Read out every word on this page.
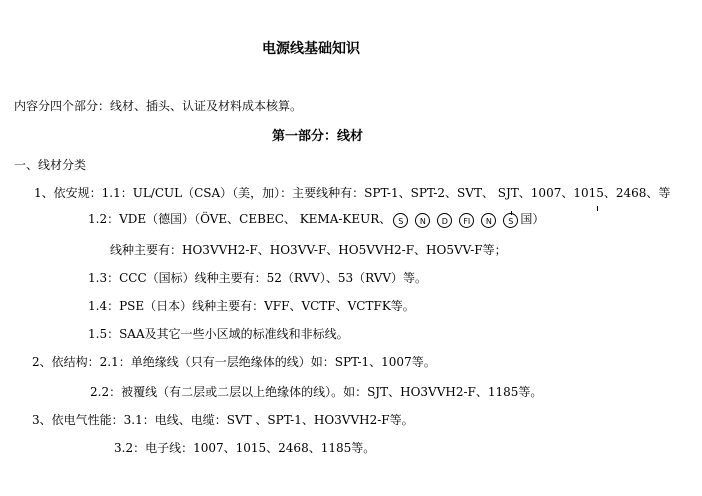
电源线基础知识
内容分四个部分：线材、插头、认证及材料成本核算。
第一部分：线材
一、线材分类
1、依安规：1.1：UL/CUL（CSA）（美，加）：主要线种有：SPT-1、SPT-2、SVT、 SJT、1007、1015、2468、等
1.2：VDE（德国）（ÖVE、CEBEC、 KEMA-KEUR、 S N D FI N S 国）
线种主要有：HO3VVH2-F、HO3VV-F、HO5VVH2-F、HO5VV-F等；
1.3：CCC（国标）线种主要有：52（RVV）、53（RVV）等。
1.4：PSE（日本）线种主要有：VFF、VCTF、VCTFK等。
1.5：SAA及其它一些小区域的标准线和非标线。
2、依结构：2.1：单绝缘线（只有一层绝缘体的线）如：SPT-1、1007等。
2.2：被覆线（有二层或二层以上绝缘体的线）。如：SJT、HO3VVH2-F、1185等。
3、依电气性能：3.1：电线、电缆：SVT 、SPT-1、HO3VVH2-F等。
3.2：电子线：1007、1015、2468、1185等。
